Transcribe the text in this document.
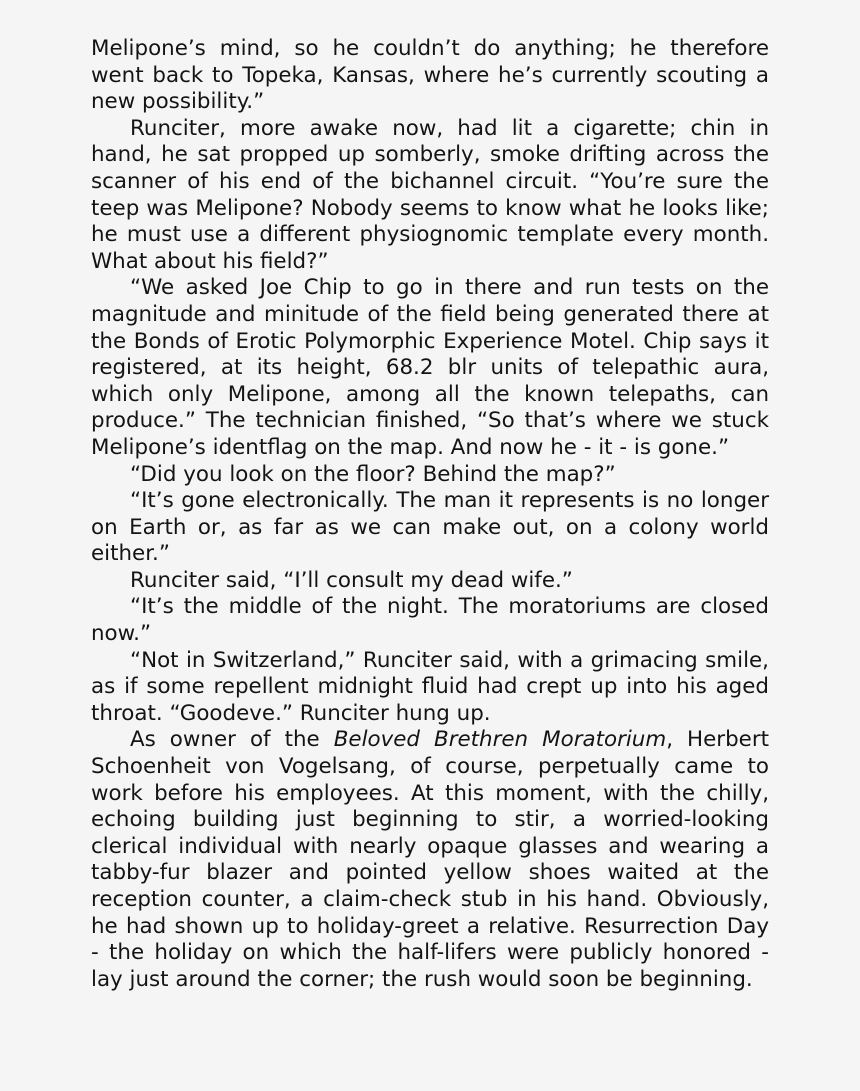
Melipone’s mind, so he couldn’t do anything; he therefore went back to Topeka, Kansas, where he’s currently scouting a new possibility.”

Runciter, more awake now, had lit a cigarette; chin in hand, he sat propped up somberly, smoke drifting across the scanner of his end of the bichannel circuit. “You’re sure the teep was Melipone? Nobody seems to know what he looks like; he must use a different physiognomic template every month. What about his field?”

“We asked Joe Chip to go in there and run tests on the magnitude and minitude of the field being generated there at the Bonds of Erotic Polymorphic Experience Motel. Chip says it registered, at its height, 68.2 blr units of telepathic aura, which only Melipone, among all the known telepaths, can produce.” The technician finished, “So that’s where we stuck Melipone’s identflag on the map. And now he - it - is gone.”

“Did you look on the floor? Behind the map?”

“It’s gone electronically. The man it represents is no longer on Earth or, as far as we can make out, on a colony world either.”

Runciter said, “I’ll consult my dead wife.”

“It’s the middle of the night. The moratoriums are closed now.”

“Not in Switzerland,” Runciter said, with a grimacing smile, as if some repellent midnight fluid had crept up into his aged throat. “Goodeve.” Runciter hung up.

As owner of the Beloved Brethren Moratorium, Herbert Schoenheit von Vogelsang, of course, perpetually came to work before his employees. At this moment, with the chilly, echoing building just beginning to stir, a worried-looking clerical individual with nearly opaque glasses and wearing a tabby-fur blazer and pointed yellow shoes waited at the reception counter, a claim-check stub in his hand. Obviously, he had shown up to holiday-greet a relative. Resurrection Day - the holiday on which the half-lifers were publicly honored - lay just around the corner; the rush would soon be beginning.
